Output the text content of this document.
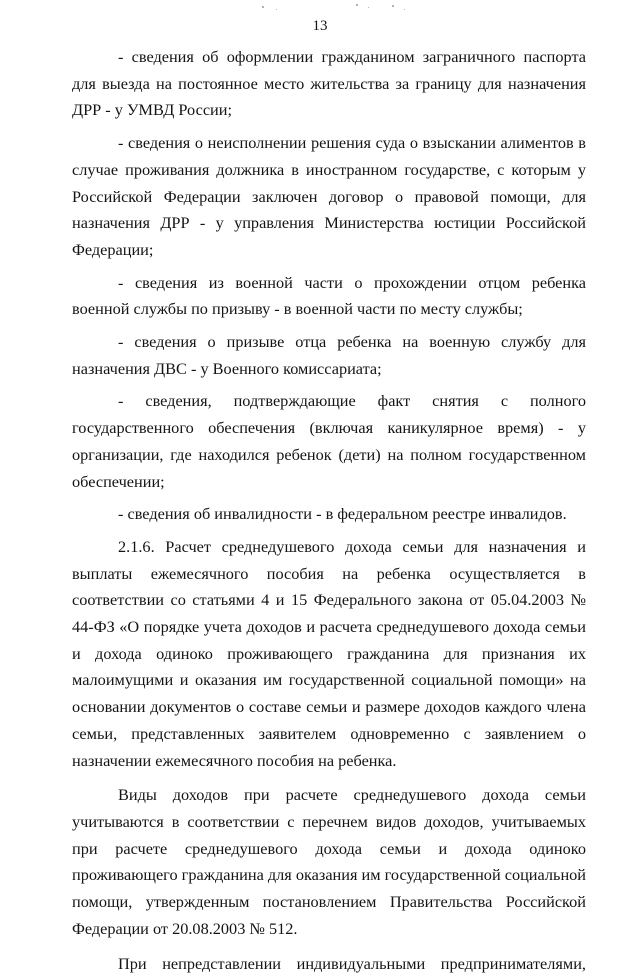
13

- сведения об оформлении гражданином заграничного паспорта для выезда на постоянное место жительства за границу для назначения ДРР - у УМВД России;

- сведения о неисполнении решения суда о взыскании алиментов в случае проживания должника в иностранном государстве, с которым у Российской Федерации заключен договор о правовой помощи, для назначения ДРР - у управления Министерства юстиции Российской Федерации;

- сведения из военной части о прохождении отцом ребенка военной службы по призыву - в военной части по месту службы;

- сведения о призыве отца ребенка на военную службу для назначения ДВС - у Военного комиссариата;

- сведения, подтверждающие факт снятия с полного государственного обеспечения (включая каникулярное время) - у организации, где находился ребенок (дети) на полном государственном обеспечении;

- сведения об инвалидности - в федеральном реестре инвалидов.

2.1.6. Расчет среднедушевого дохода семьи для назначения и выплаты ежемесячного пособия на ребенка осуществляется в соответствии со статьями 4 и 15 Федерального закона от 05.04.2003 № 44-ФЗ «О порядке учета доходов и расчета среднедушевого дохода семьи и дохода одиноко проживающего гражданина для признания их малоимущими и оказания им государственной социальной помощи» на основании документов о составе семьи и размере доходов каждого члена семьи, представленных заявителем одновременно с заявлением о назначении ежемесячного пособия на ребенка.

Виды доходов при расчете среднедушевого дохода семьи учитываются в соответствии с перечнем видов доходов, учитываемых при расчете среднедушевого дохода семьи и дохода одиноко проживающего гражданина для оказания им государственной социальной помощи, утвержденным постановлением Правительства Российской Федерации от 20.08.2003 № 512.

При непредставлении индивидуальными предпринимателями,
